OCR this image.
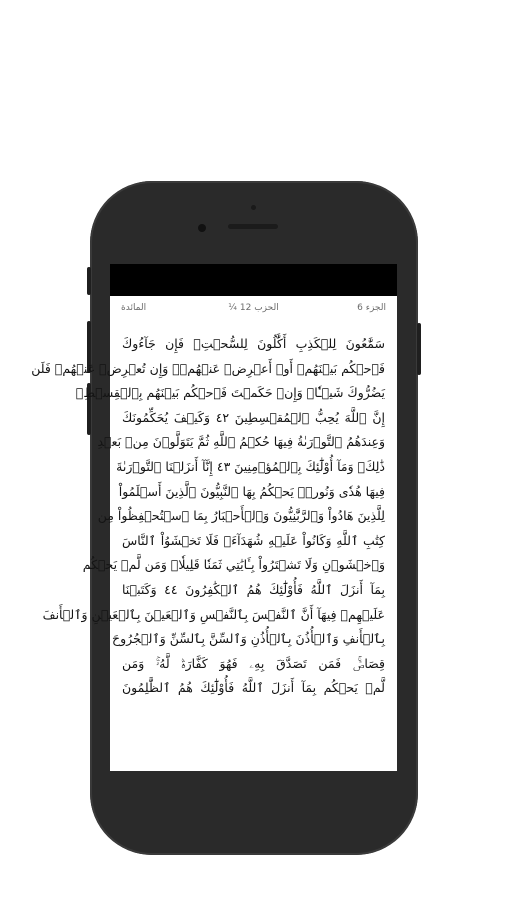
المائدة	¼ الحزب 12	الجزء 6
سَمَّٰعُونَ لِلۡكَذِبِ أَكَّٰلُونَ لِلسُّحۡتِۚ فَإِن جَآءُوكَ
فَٱحۡكُم بَيۡنَهُمۡ أَوۡ أَعۡرِضۡ عَنۡهُمۡۖ وَإِن تُعۡرِضۡ عَنۡهُمۡ فَلَن
يَضُرُّوكَ شَيۡـٔٗاۖ وَإِنۡ حَكَمۡتَ فَٱحۡكُم بَيۡنَهُم بِٱلۡقِسۡطِۚ
إِنَّ ٱللَّهَ يُحِبُّ ٱلۡمُقۡسِطِينَ ٤٢ وَكَيۡفَ يُحَكِّمُونَكَ
وَعِندَهُمُ ٱلتَّوۡرَىٰةُ فِيهَا حُكۡمُ ٱللَّهِ ثُمَّ يَتَوَلَّوۡنَ مِنۢ بَعۡدِ
ذَٰلِكَۚ وَمَآ أُوْلَٰٓئِكَ بِٱلۡمُؤۡمِنِينَ ٤٣ إِنَّآ أَنزَلۡنَا ٱلتَّوۡرَىٰةَ
فِيهَا هُدٗى وَنُورٞۚ يَحۡكُمُ بِهَا ٱلنَّبِيُّونَ ٱلَّذِينَ أَسۡلَمُواْ
لِلَّذِينَ هَادُواْ وَٱلرَّبَّٰنِيُّونَ وَٱلۡأَحۡبَارُ بِمَا ٱسۡتُحۡفِظُواْ مِن
كِتَٰبِ ٱللَّهِ وَكَانُواْ عَلَيۡهِ شُهَدَآءَۚ فَلَا تَخۡشَوُاْ ٱلنَّاسَ
وَٱخۡشَوۡنِ وَلَا تَشۡتَرُواْ بِـَٔايَٰتِي ثَمَنٗا قَلِيلٗاۚ وَمَن لَّمۡ يَحۡكُم
بِمَآ أَنزَلَ ٱللَّهُ فَأُوْلَٰٓئِكَ هُمُ ٱلۡكَٰفِرُونَ ٤٤ وَكَتَبۡنَا
عَلَيۡهِمۡ فِيهَآ أَنَّ ٱلنَّفۡسَ بِٱلنَّفۡسِ وَٱلۡعَيۡنَ بِٱلۡعَيۡنِ وَٱلۡأَنفَ
بِٱلۡأَنفِ وَٱلۡأُذُنَ بِٱلۡأُذُنِ وَٱلسِّنَّ بِٱلسِّنِّ وَٱلۡجُرُوحَ
قِصَاصٞۚ فَمَن تَصَدَّقَ بِهِۦ فَهُوَ كَفَّارَةٞ لَّهُۥۚ وَمَن
لَّمۡ يَحۡكُم بِمَآ أَنزَلَ ٱللَّهُ فَأُوْلَٰٓئِكَ هُمُ ٱلظَّٰلِمُونَ
